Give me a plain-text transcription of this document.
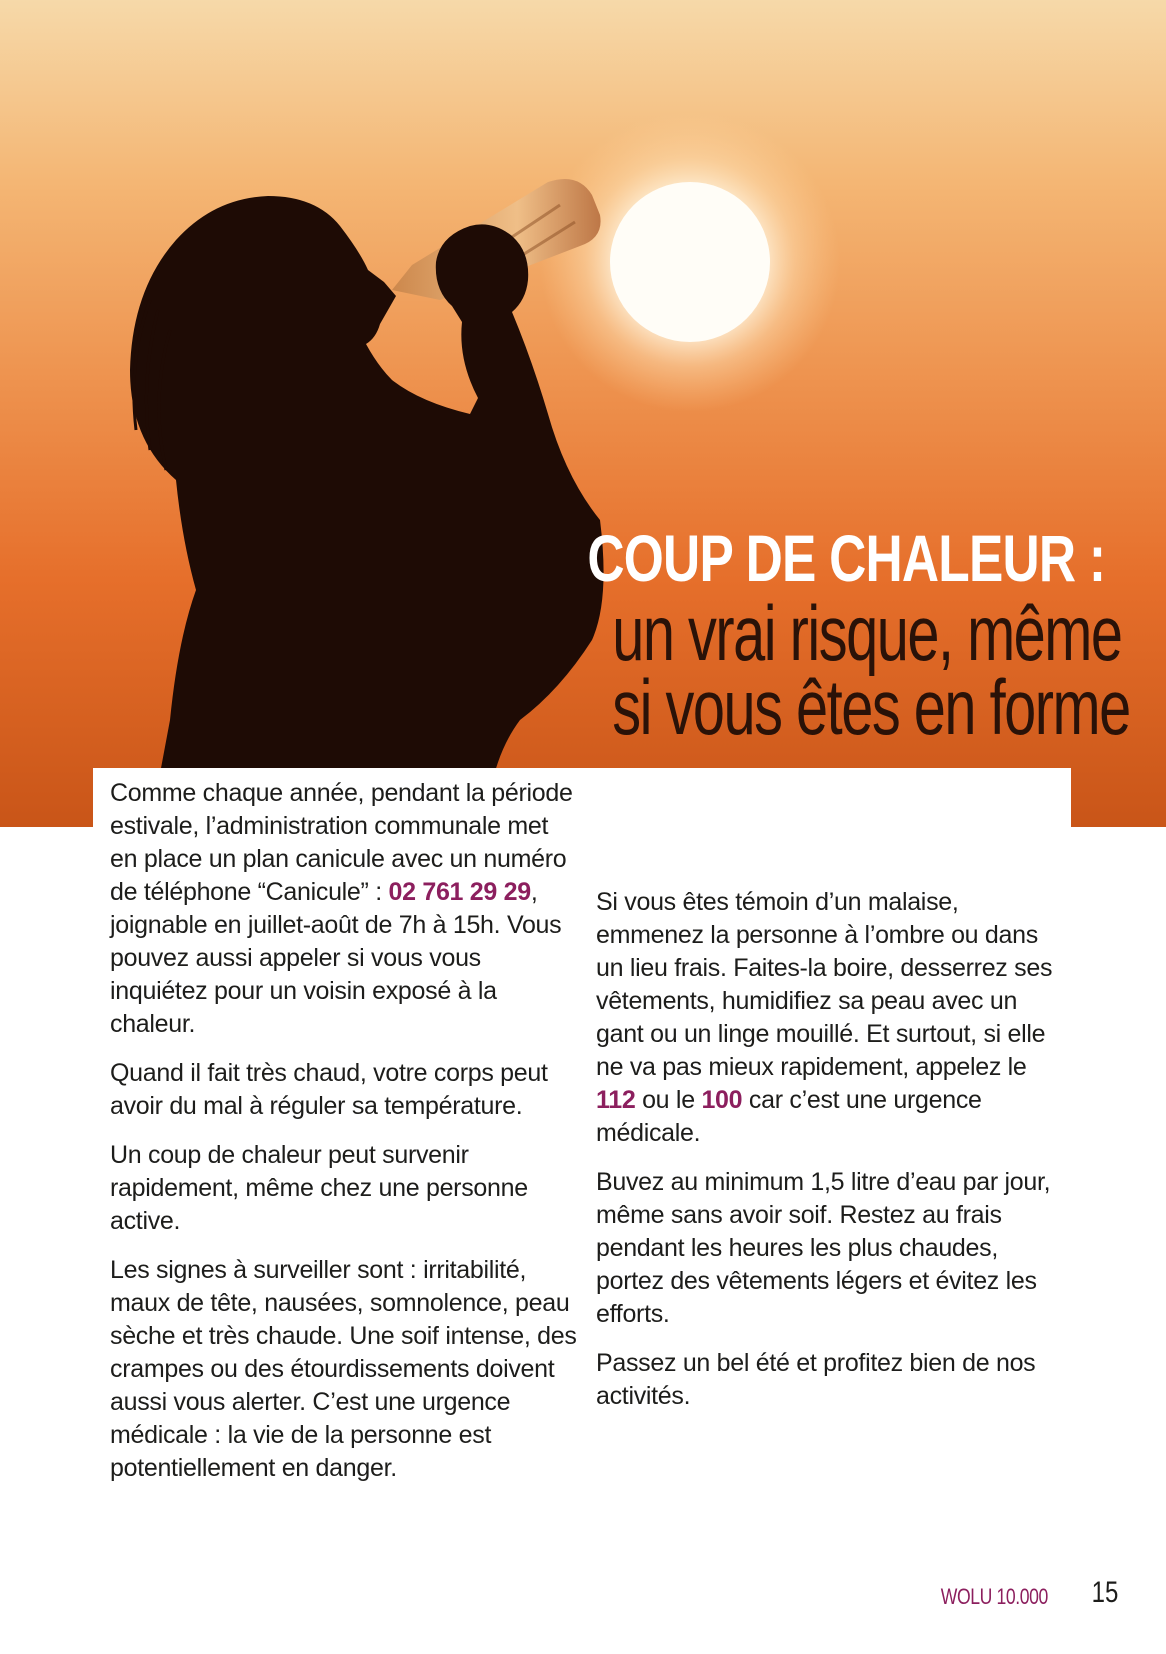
COUP DE CHALEUR :
un vrai risque, même
si vous êtes en forme

Comme chaque année, pendant la période estivale, l’administration communale met en place un plan canicule avec un numéro de téléphone “Canicule” : 02 761 29 29, joignable en juillet-août de 7h à 15h. Vous pouvez aussi appeler si vous vous inquiétez pour un voisin exposé à la chaleur.

Quand il fait très chaud, votre corps peut avoir du mal à réguler sa température.

Un coup de chaleur peut survenir rapidement, même chez une personne active.

Les signes à surveiller sont : irritabilité, maux de tête, nausées, somnolence, peau sèche et très chaude. Une soif intense, des crampes ou des étourdissements doivent aussi vous alerter. C’est une urgence médicale : la vie de la personne est potentiellement en danger.

Si vous êtes témoin d’un malaise, emmenez la personne à l’ombre ou dans un lieu frais. Faites-la boire, desserrez ses vêtements, humidifiez sa peau avec un gant ou un linge mouillé. Et surtout, si elle ne va pas mieux rapidement, appelez le 112 ou le 100 car c’est une urgence médicale.

Buvez au minimum 1,5 litre d’eau par jour, même sans avoir soif. Restez au frais pendant les heures les plus chaudes, portez des vêtements légers et évitez les efforts.

Passez un bel été et profitez bien de nos activités.

WOLU 10.000 15
